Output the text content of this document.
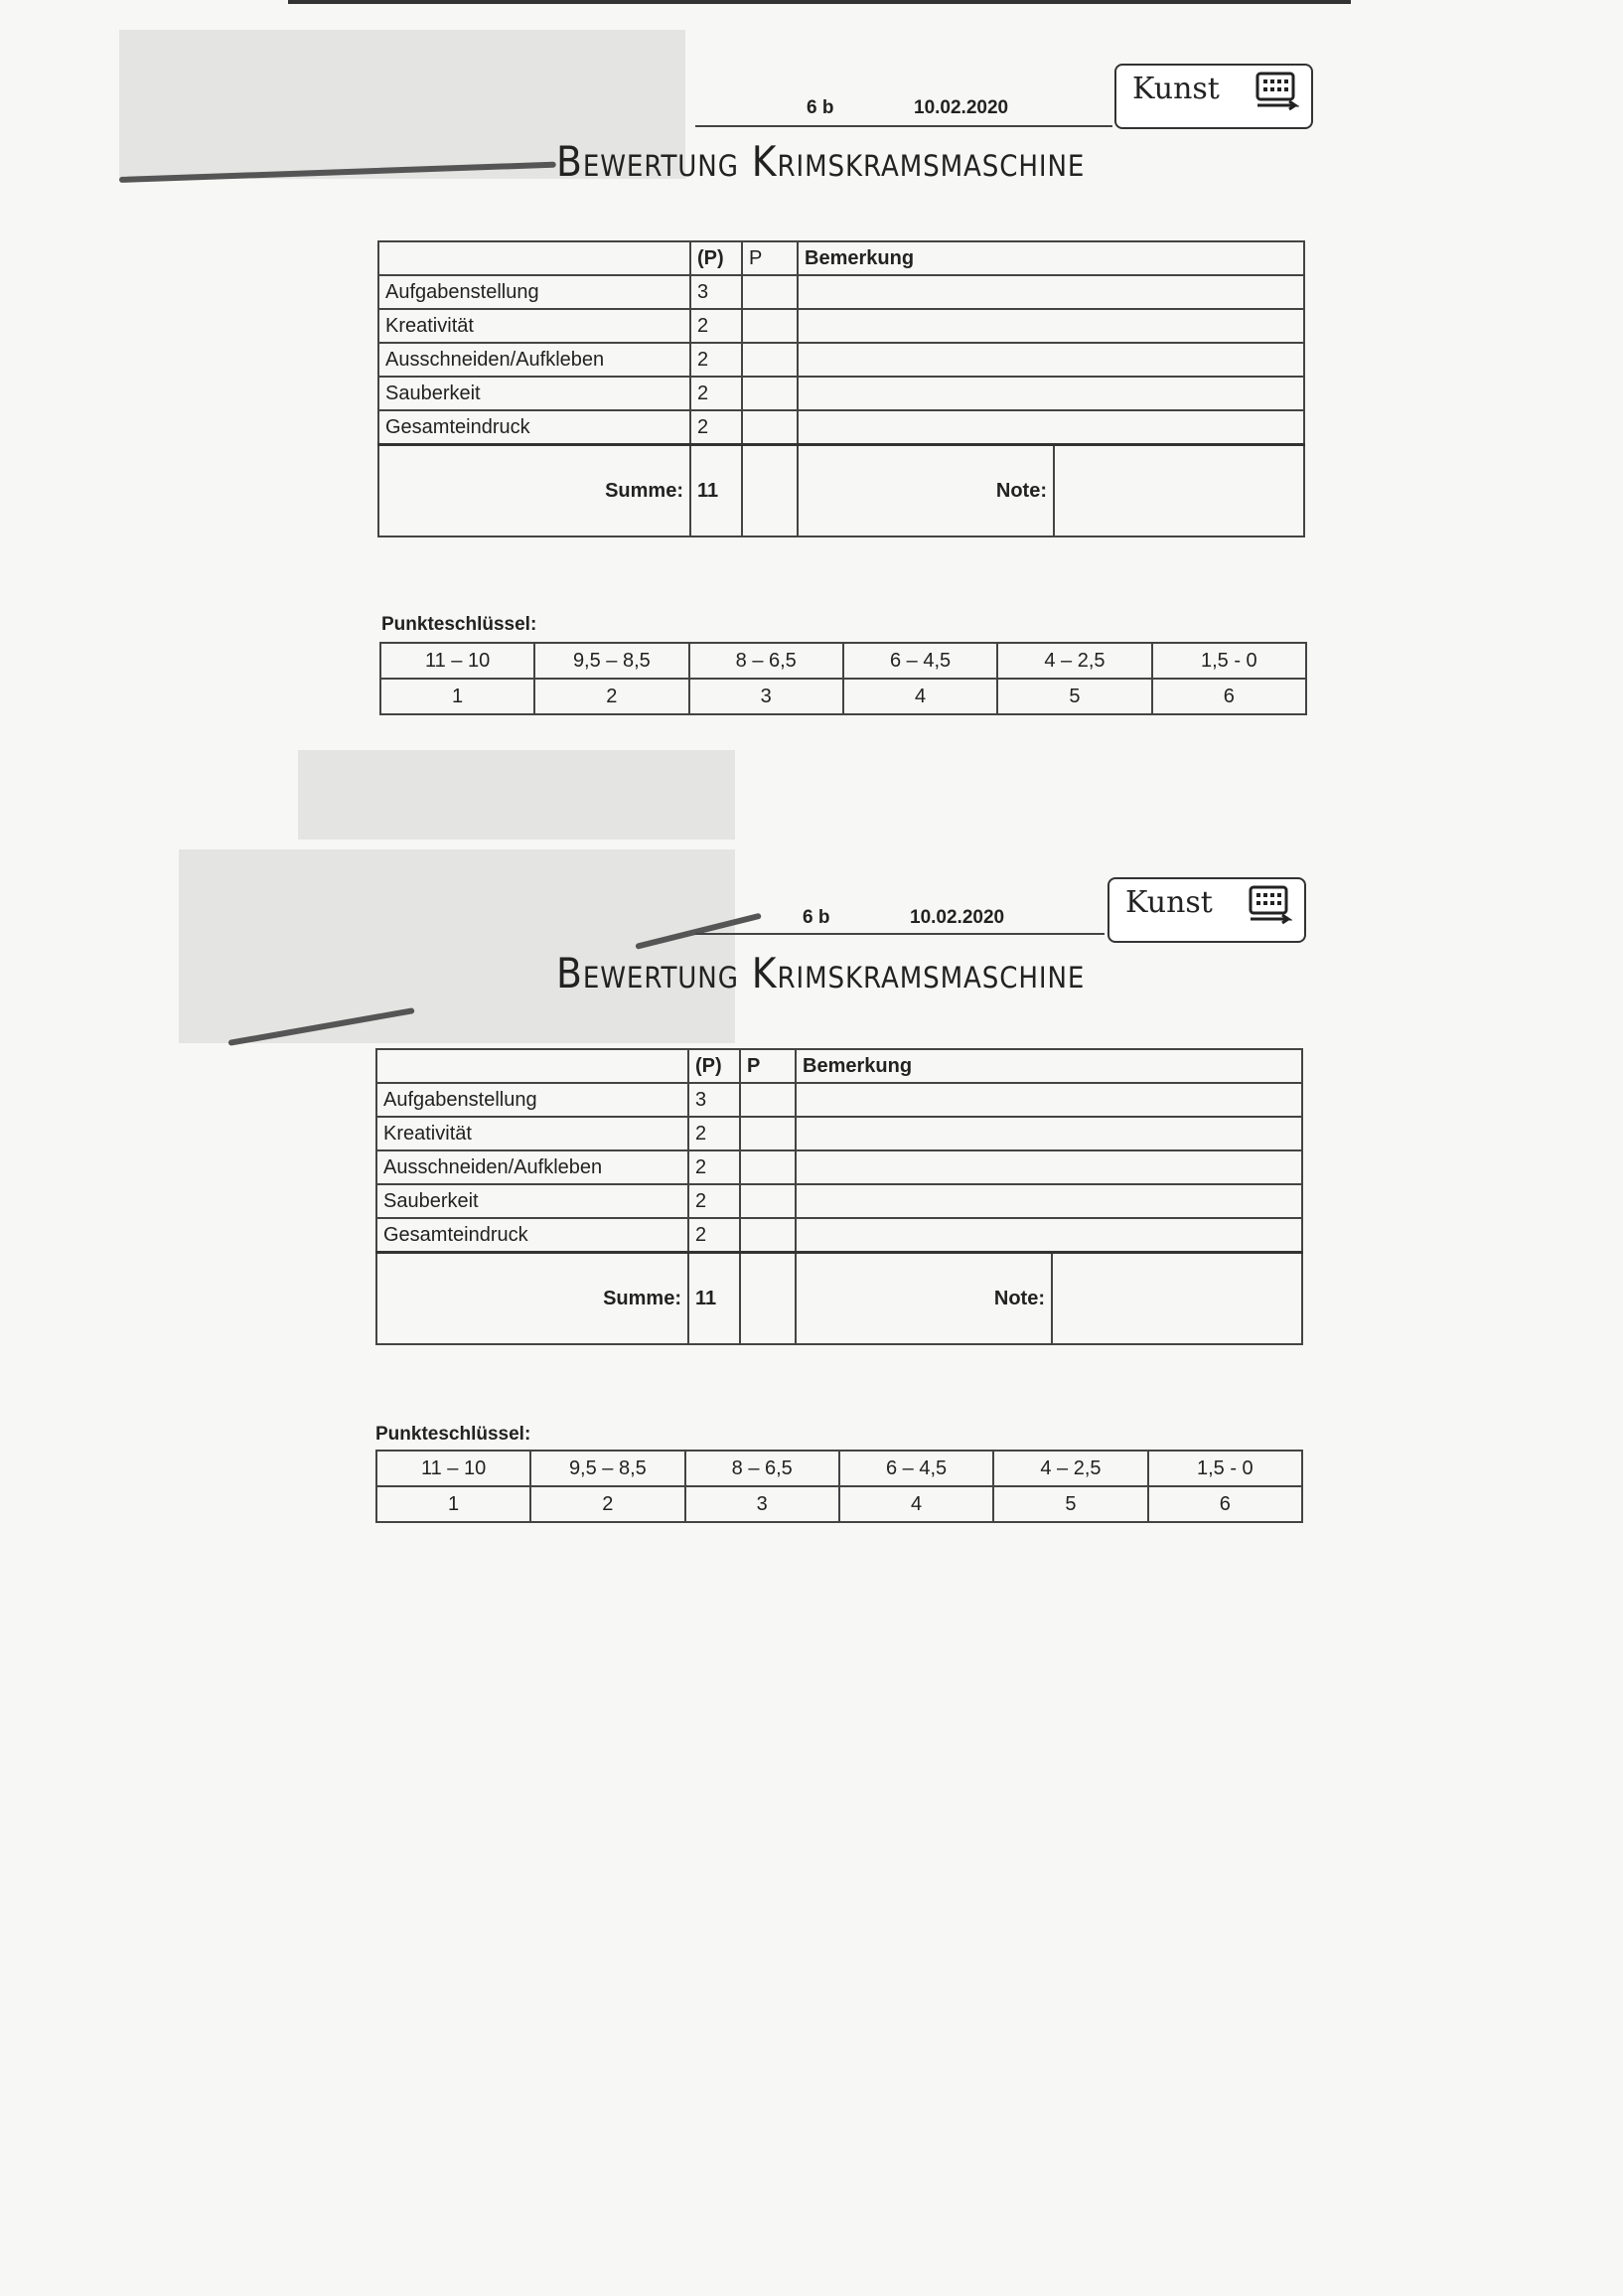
6 b	10.02.2020
Kunst
Bewertung Krimskramsmaschine
	(P)	P	Bemerkung
Aufgabenstellung	3		
Kreativität	2		
Ausschneiden/Aufkleben	2		
Sauberkeit	2		
Gesamteindruck	2		
Summe:	11		Note:
Punkteschlüssel:
11 – 10	9,5 – 8,5	8 – 6,5	6 – 4,5	4 – 2,5	1,5 - 0
1	2	3	4	5	6
6 b	10.02.2020	Kunst
Bewertung Krimskramsmaschine
	(P)	P	Bemerkung
Aufgabenstellung	3		
Kreativität	2		
Ausschneiden/Aufkleben	2		
Sauberkeit	2		
Gesamteindruck	2		
Summe:	11		Note:
Punkteschlüssel:
11 – 10	9,5 – 8,5	8 – 6,5	6 – 4,5	4 – 2,5	1,5 - 0
1	2	3	4	5	6
